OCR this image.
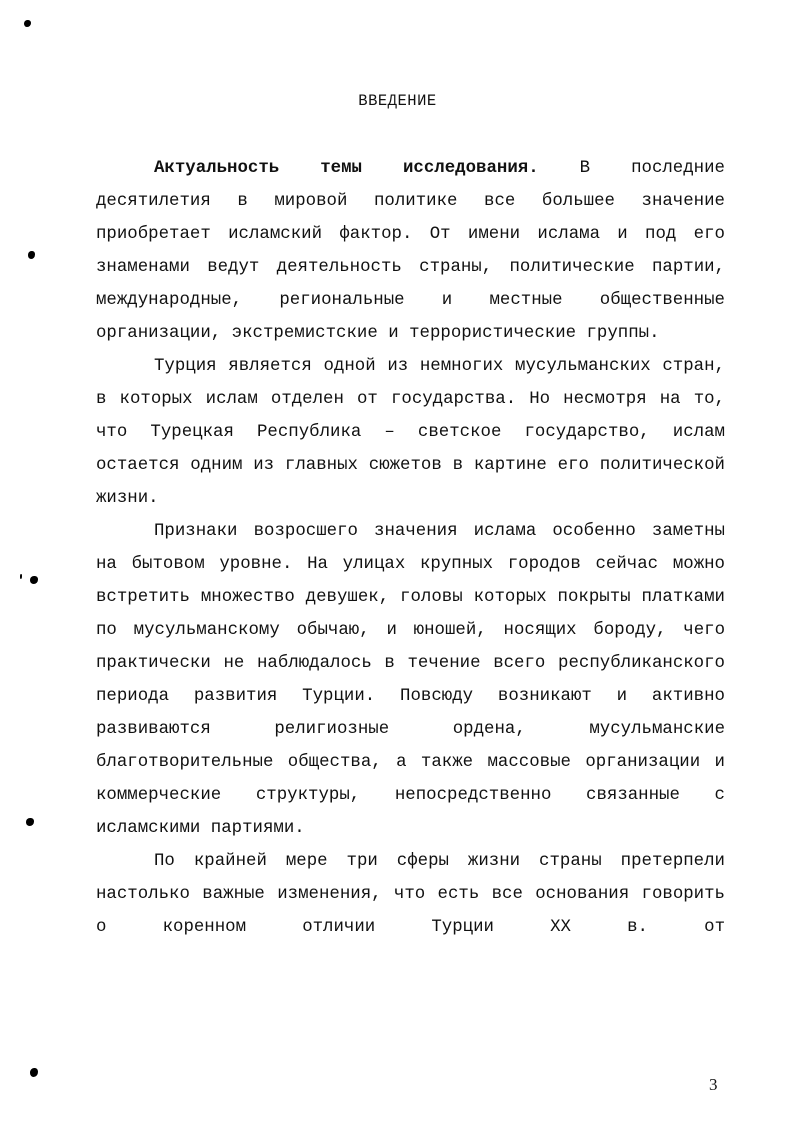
ВВЕДЕНИЕ

Актуальность темы исследования. В последние десятилетия в мировой политике все большее значение приобретает исламский фактор. От имени ислама и под его знаменами ведут деятельность страны, политические партии, международные, региональные и местные общественные организации, экстремистские и террористические группы.

Турция является одной из немногих мусульманских стран, в которых ислам отделен от государства. Но несмотря на то, что Турецкая Республика – светское государство, ислам остается одним из главных сюжетов в картине его политической жизни.

Признаки возросшего значения ислама особенно заметны на бытовом уровне. На улицах крупных городов сейчас можно встретить множество девушек, головы которых покрыты платками по мусульманскому обычаю, и юношей, носящих бороду, чего практически не наблюдалось в течение всего республиканского периода развития Турции. Повсюду возникают и активно развиваются религиозные ордена, мусульманские благотворительные общества, а также массовые организации и коммерческие структуры, непосредственно связанные с исламскими партиями.

По крайней мере три сферы жизни страны претерпели настолько важные изменения, что есть все основания говорить о коренном отличии Турции XX в. от

3
